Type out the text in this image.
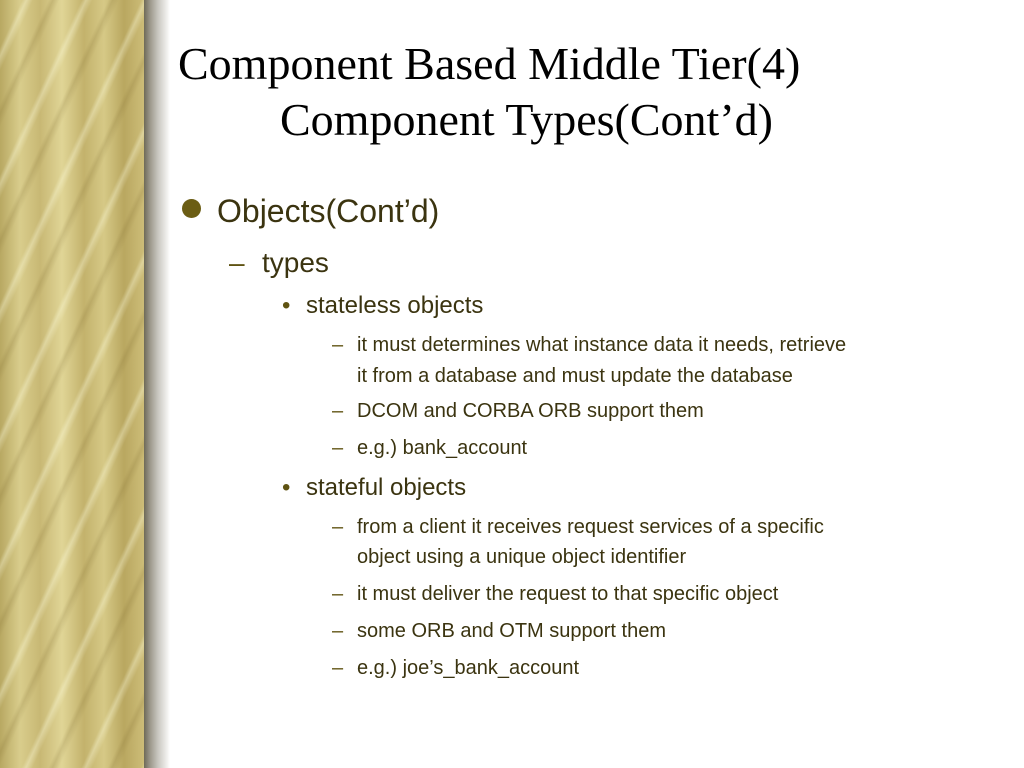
Component Based Middle Tier(4)
Component Types(Cont’d)
Objects(Cont’d)
– types
• stateless objects
– it must determines what instance data it needs, retrieve
it from a database and must update the database
– DCOM and CORBA ORB support them
– e.g.) bank_account
• stateful objects
– from a client it receives request services of a specific
object using a unique object identifier
– it must deliver the request to that specific object
– some ORB and OTM support them
– e.g.) joe’s_bank_account
